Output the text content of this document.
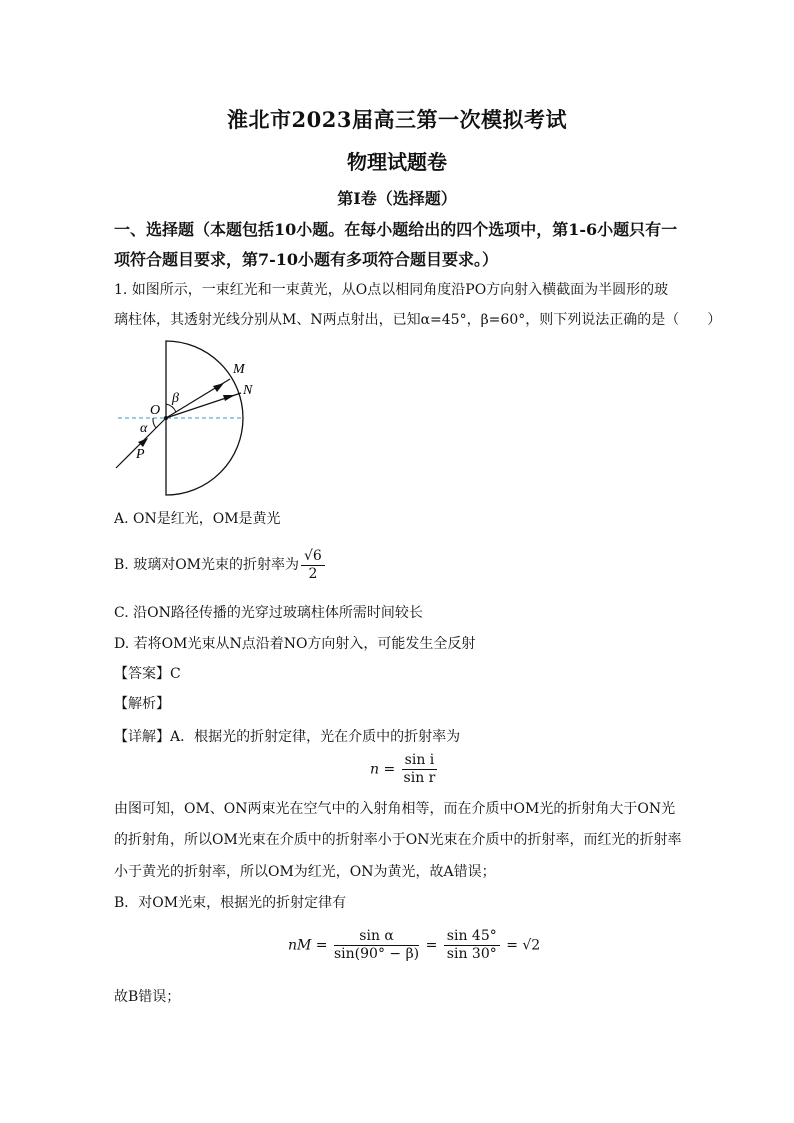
淮北市2023届高三第一次模拟考试
物理试题卷
第I卷（选择题）
一、选择题（本题包括10小题。在每小题给出的四个选项中，第1-6小题只有一
项符合题目要求，第7-10小题有多项符合题目要求。）
1. 如图所示，一束红光和一束黄光，从O点以相同角度沿PO方向射入横截面为半圆形的玻
璃柱体，其透射光线分别从M、N两点射出，已知α=45°，β=60°，则下列说法正确的是（　　）
O
α
β
P
M
N
A. ON是红光，OM是黄光
B. 玻璃对OM光束的折射率为 $\frac{√6}{2}$
C. 沿ON路径传播的光穿过玻璃柱体所需时间较长
D. 若将OM光束从N点沿着NO方向射入，可能发生全反射
【答案】C
【解析】
【详解】A．根据光的折射定律，光在介质中的折射率为
$n = \frac{\text{sin i}}{\text{sin r}}$
由图可知，OM、ON两束光在空气中的入射角相等，而在介质中OM光的折射角大于ON光
的折射角，所以OM光束在介质中的折射率小于ON光束在介质中的折射率，而红光的折射率
小于黄光的折射率，所以OM为红光，ON为黄光，故A错误；
B．对OM光束，根据光的折射定律有
nM = $\frac{\text{sin α}}{\sin(90^\circ - \beta)} = \frac{\sin 45^\circ}{\sin 30^\circ} = √2$
故B错误；
